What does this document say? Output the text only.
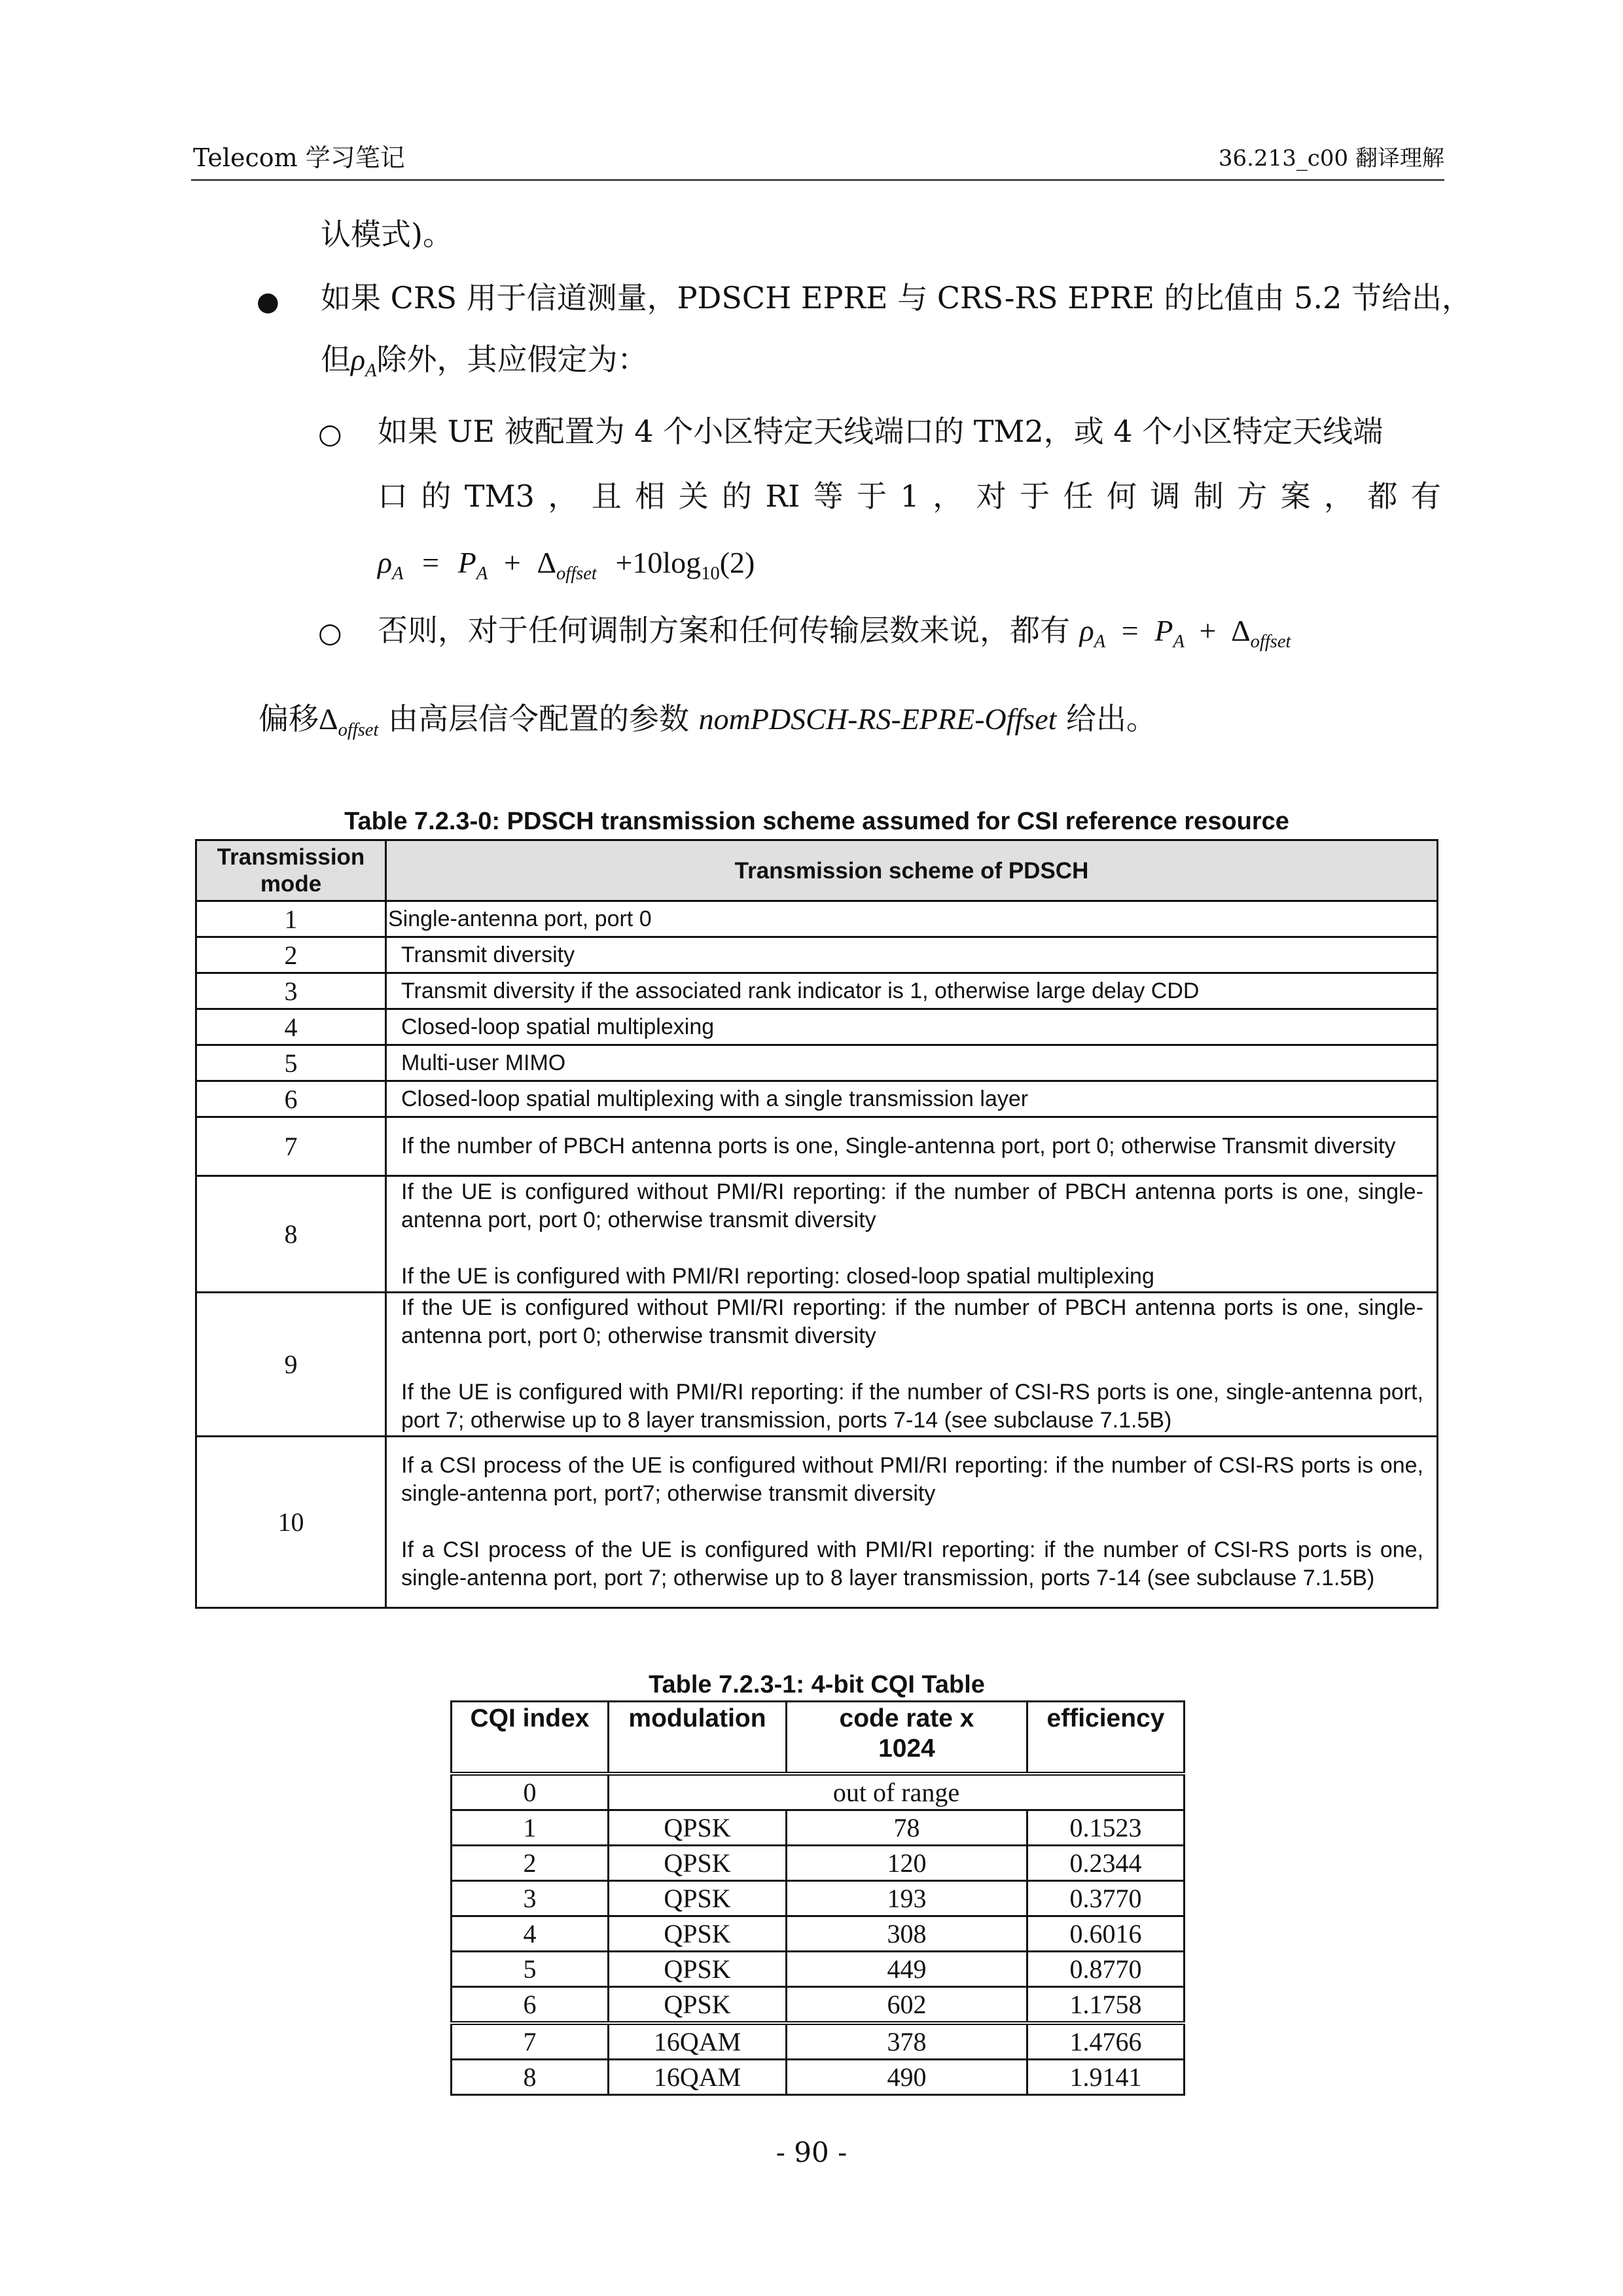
Telecom 学习笔记	36.213_c00 翻译理解
认模式)。
● 如果 CRS 用于信道测量，PDSCH EPRE 与 CRS-RS EPRE 的比值由 5.2 节给出，
但$\rho_A$除外，其应假定为：
○ 如果 UE 被配置为 4 个小区特定天线端口的 TM2，或 4 个小区特定天线端
口 的 TM3 ， 且 相 关 的 RI 等 于 1 ， 对 于 任 何 调 制 方 案 ， 都 有
$\rho_A = P_A + \Delta_{offset} +10\log_{10}(2)$
○ 否则，对于任何调制方案和任何传输层数来说，都有 $\rho_A = P_A + \Delta_{offset}$
偏移$\Delta_{offset}$ 由高层信令配置的参数 nomPDSCH-RS-EPRE-Offset 给出。
Table 7.2.3-0: PDSCH transmission scheme assumed for CSI reference resource
Transmission mode	Transmission scheme of PDSCH
1	Single-antenna port, port 0
2	Transmit diversity
3	Transmit diversity if the associated rank indicator is 1, otherwise large delay CDD
4	Closed-loop spatial multiplexing
5	Multi-user MIMO
6	Closed-loop spatial multiplexing with a single transmission layer
7	If the number of PBCH antenna ports is one, Single-antenna port, port 0; otherwise Transmit diversity
8	If the UE is configured without PMI/RI reporting: if the number of PBCH antenna ports is one, single-antenna port, port 0; otherwise transmit diversity
If the UE is configured with PMI/RI reporting: closed-loop spatial multiplexing

9	If the UE is configured without PMI/RI reporting: if the number of PBCH antenna ports is one, single-antenna port, port 0; otherwise transmit diversity
If the UE is configured with PMI/RI reporting: if the number of CSI-RS ports is one, single-antenna port, port 7; otherwise up to 8 layer transmission, ports 7-14 (see subclause 7.1.5B)

10	If a CSI process of the UE is configured without PMI/RI reporting: if the number of CSI-RS ports is one, single-antenna port, port7; otherwise transmit diversity
If a CSI process of the UE is configured with PMI/RI reporting: if the number of CSI-RS ports is one, single-antenna port, port 7; otherwise up to 8 layer transmission, ports 7-14 (see subclause 7.1.5B)
Table 7.2.3-1: 4-bit CQI Table
CQI index	modulation	code rate x 1024	efficiency
0	out of range		
1	QPSK	78	0.1523
2	QPSK	120	0.2344
3	QPSK	193	0.3770
4	QPSK	308	0.6016
5	QPSK	449	0.8770
6	QPSK	602	1.1758
7	16QAM	378	1.4766
8	16QAM	490	1.9141
- 90 -
